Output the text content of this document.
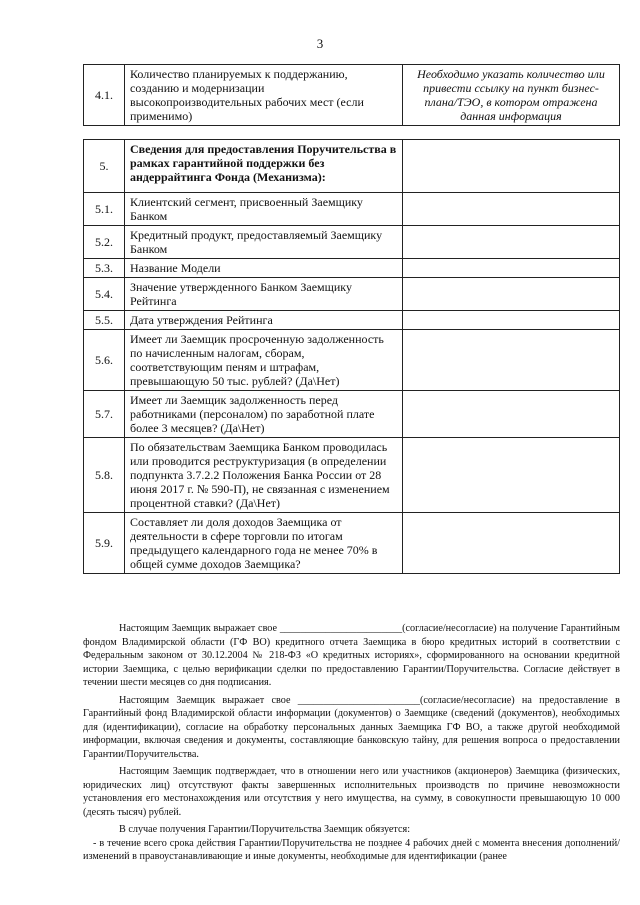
3
4.1.	Количество планируемых к поддержанию, созданию и модернизации высокопроизводительных рабочих мест (если применимо)	Необходимо указать количество или привести ссылку на пункт бизнес-плана/ТЭО, в котором отражена данная информация
5.	Сведения для предоставления Поручительства в рамках гарантийной поддержки без андеррайтинга Фонда (Механизма):	
5.1.	Клиентский сегмент, присвоенный Заемщику Банком	
5.2.	Кредитный продукт, предоставляемый Заемщику Банком	
5.3.	Название Модели	
5.4.	Значение утвержденного Банком Заемщику Рейтинга	
5.5.	Дата утверждения Рейтинга	
5.6.	Имеет ли Заемщик просроченную задолженность по начисленным налогам, сборам, соответствующим пеням и штрафам, превышающую 50 тыс. рублей? (Да\Нет)	
5.7.	Имеет ли Заемщик задолженность перед работниками (персоналом) по заработной плате более 3 месяцев? (Да\Нет)	
5.8.	По обязательствам Заемщика Банком проводилась или проводится реструктуризация (в определении подпункта 3.7.2.2 Положения Банка России от 28 июня 2017 г. № 590-П), не связанная с изменением процентной ставки? (Да\Нет)	
5.9.	Составляет ли доля доходов Заемщика от деятельности в сфере торговли по итогам предыдущего календарного года не менее 70% в общей сумме доходов Заемщика?	

Настоящим Заемщик выражает свое ________________________(согласие/несогласие) на получение Гарантийным фондом Владимирской области (ГФ ВО) кредитного отчета Заемщика в бюро кредитных историй в соответствии с Федеральным законом от 30.12.2004 № 218-ФЗ «О кредитных историях», сформированного на основании кредитной истории Заемщика, с целью верификации сделки по предоставлению Гарантии/Поручительства. Согласие действует в течении шести месяцев со дня подписания.

Настоящим Заемщик выражает свое ________________________(согласие/несогласие) на предоставление в Гарантийный фонд Владимирской области информации (документов) о Заемщике (сведений (документов), необходимых для (идентификации), согласие на обработку персональных данных Заемщика ГФ ВО, а также другой необходимой информации, включая сведения и документы, составляющие банковскую тайну, для решения вопроса о предоставлении Гарантии/Поручительства.

Настоящим Заемщик подтверждает, что в отношении него или участников (акционеров) Заемщика (физических, юридических лиц) отсутствуют факты завершенных исполнительных производств по причине невозможности установления его местонахождения или отсутствия у него имущества, на сумму, в совокупности превышающую 10 000 (десять тысяч) рублей.

В случае получения Гарантии/Поручительства Заемщик обязуется:

- в течение всего срока действия Гарантии/Поручительства не позднее 4 рабочих дней с момента внесения дополнений/изменений в правоустанавливающие и иные документы, необходимые для идентификации (ранее
